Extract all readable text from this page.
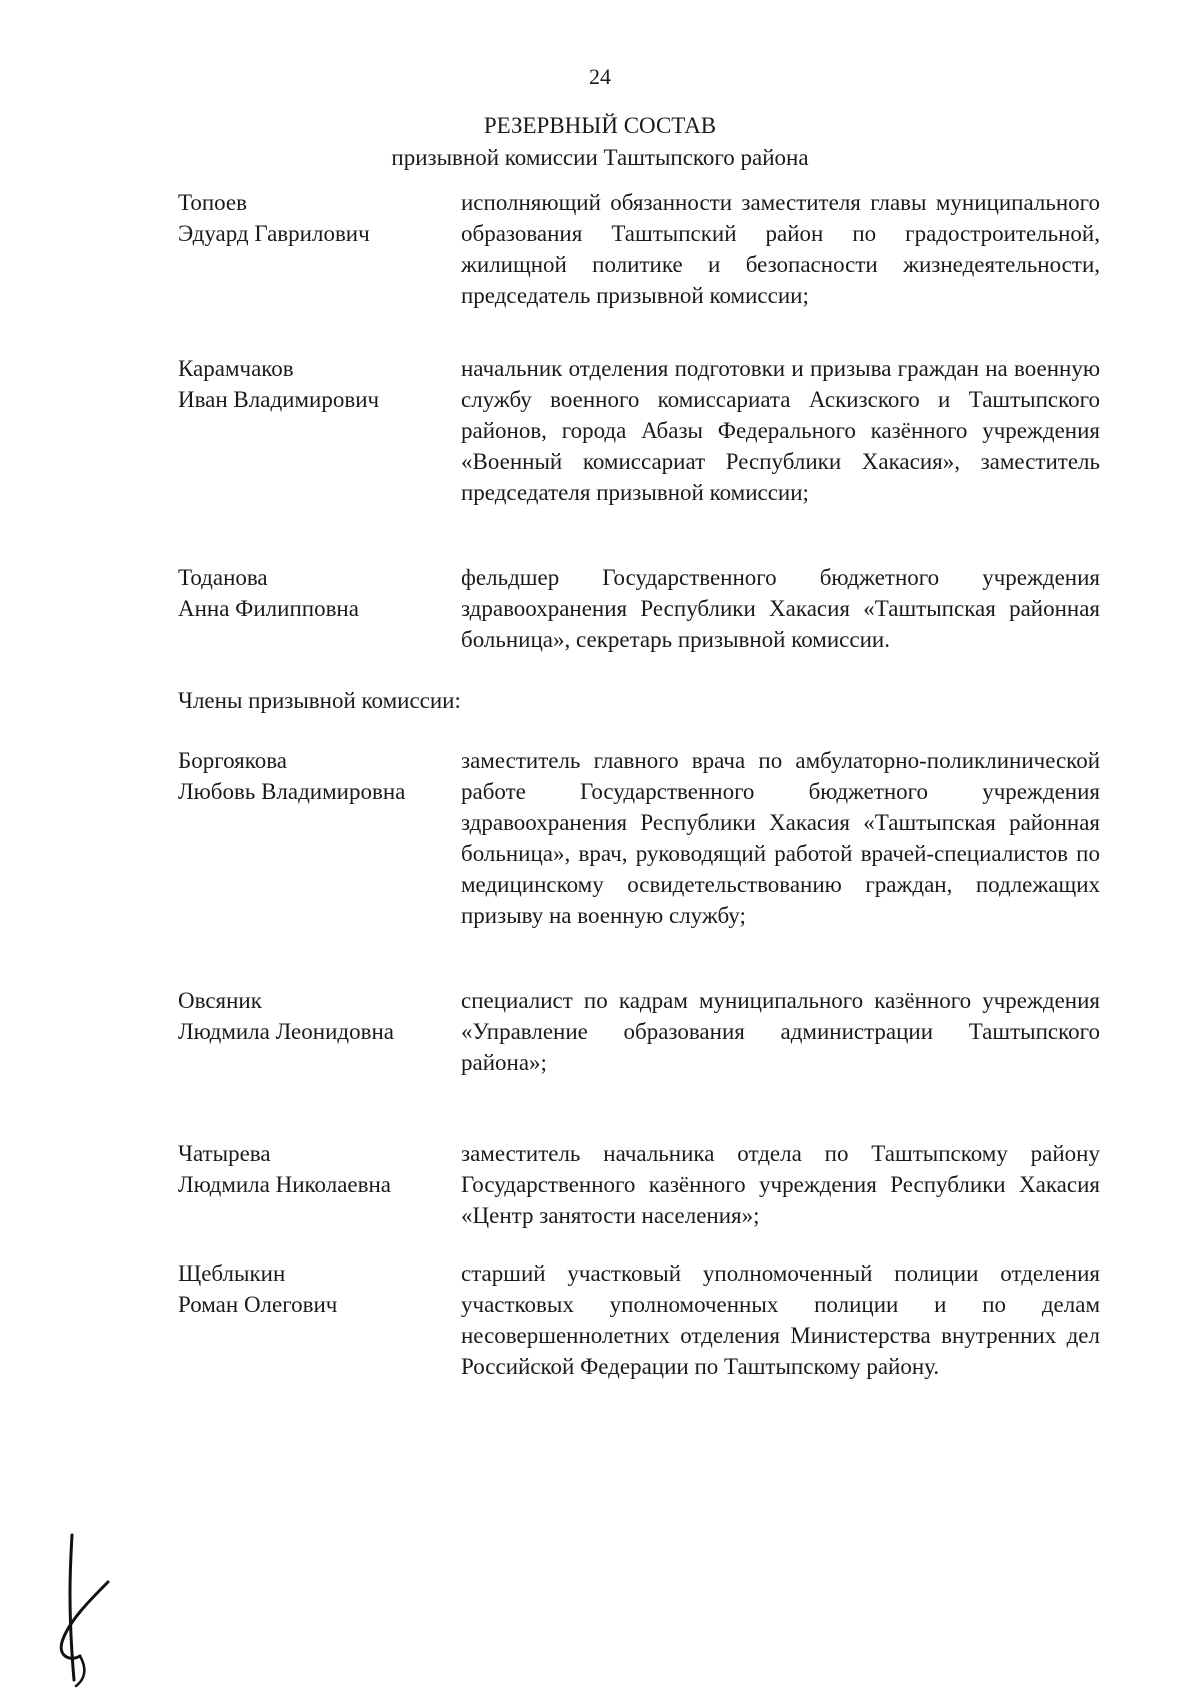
24
РЕЗЕРВНЫЙ СОСТАВ
призывной комиссии Таштыпского района
Топоев
Эдуард Гаврилович
исполняющий обязанности заместителя главы муниципального образования Таштыпский район по градостроительной, жилищной политике и безопасности жизнедеятельности, председатель призывной комиссии;
Карамчаков
Иван Владимирович
начальник отделения подготовки и призыва граждан на военную службу военного комиссариата Аскизского и Таштыпского районов, города Абазы Федерального казённого учреждения «Военный комиссариат Республики Хакасия», заместитель председателя призывной комиссии;
Тоданова
Анна Филипповна
фельдшер Государственного бюджетного учреждения здравоохранения Республики Хакасия «Таштыпская районная больница», секретарь призывной комиссии.
Члены призывной комиссии:
Боргоякова
Любовь Владимировна
заместитель главного врача по амбулаторно-поликлинической работе Государственного бюджетного учреждения здравоохранения Республики Хакасия «Таштыпская районная больница», врач, руководящий работой врачей-специалистов по медицинскому освидетельствованию граждан, подлежащих призыву на военную службу;
Овсяник
Людмила Леонидовна
специалист по кадрам муниципального казённого учреждения «Управление образования администрации Таштыпского района»;
Чатырева
Людмила Николаевна
заместитель начальника отдела по Таштыпскому району Государственного казённого учреждения Республики Хакасия «Центр занятости населения»;
Щеблыкин
Роман Олегович
старший участковый уполномоченный полиции отделения участковых уполномоченных полиции и по делам несовершеннолетних отделения Министерства внутренних дел Российской Федерации по Таштыпскому району.
